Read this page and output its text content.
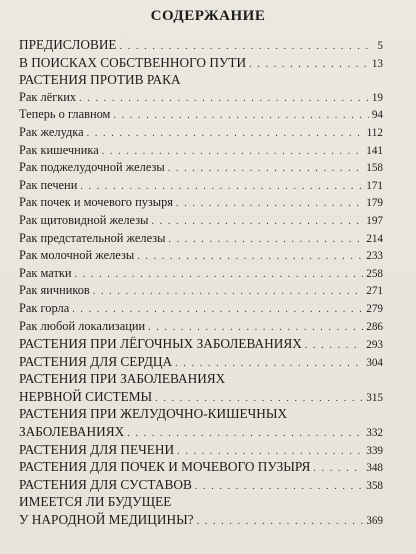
СОДЕРЖАНИЕ
ПРЕДИСЛОВИЕ . . .	5
В ПОИСКАХ СОБСТВЕННОГО ПУТИ . . .	13
РАСТЕНИЯ ПРОТИВ РАКА
Рак лёгких . . .	19
Теперь о главном . . .	94
Рак желудка . . .	112
Рак кишечника . . .	141
Рак поджелудочной железы . . .	158
Рак печени . . .	171
Рак почек и мочевого пузыря . . .	179
Рак щитовидной железы . . .	197
Рак предстательной железы . . .	214
Рак молочной железы . . .	233
Рак матки . . .	258
Рак яичников . . .	271
Рак горла . . .	279
Рак любой локализации . . .	286
РАСТЕНИЯ ПРИ ЛЁГОЧНЫХ ЗАБОЛЕВАНИЯХ . . .	293
РАСТЕНИЯ ДЛЯ СЕРДЦА . . .	304
РАСТЕНИЯ ПРИ ЗАБОЛЕВАНИЯХ
НЕРВНОЙ СИСТЕМЫ . . .	315
РАСТЕНИЯ ПРИ ЖЕЛУДОЧНО-КИШЕЧНЫХ
ЗАБОЛЕВАНИЯХ . . .	332
РАСТЕНИЯ ДЛЯ ПЕЧЕНИ . . .	339
РАСТЕНИЯ ДЛЯ ПОЧЕК И МОЧЕВОГО ПУЗЫРЯ . . .	348
РАСТЕНИЯ ДЛЯ СУСТАВОВ . . .	358
ИМЕЕТСЯ ЛИ БУДУЩЕЕ
У НАРОДНОЙ МЕДИЦИНЫ? . . .	369
